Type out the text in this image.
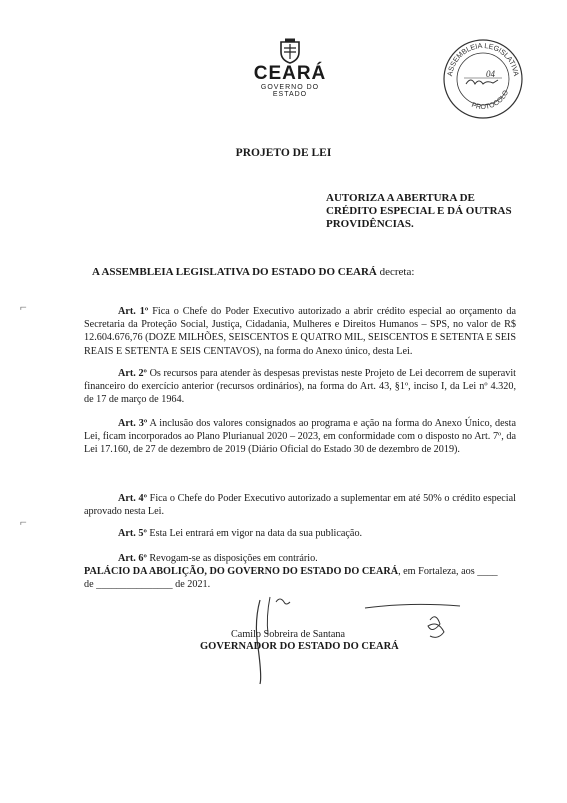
CEARÁ
GOVERNO DO ESTADO
ASSEMBLEIA LEGISLATIVA
PROTOCOLO
04
PROJETO DE LEI
AUTORIZA A ABERTURA DE
CRÉDITO ESPECIAL E DÁ OUTRAS
PROVIDÊNCIAS.
A ASSEMBLEIA LEGISLATIVA DO ESTADO DO CEARÁ decreta:
Art. 1º Fica o Chefe do Poder Executivo autorizado a abrir crédito especial ao orçamento da Secretaria da Proteção Social, Justiça, Cidadania, Mulheres e Direitos Humanos – SPS, no valor de R$ 12.604.676,76 (DOZE MILHÕES, SEISCENTOS E QUATRO MIL, SEISCENTOS E SETENTA E SEIS REAIS E SETENTA E SEIS CENTAVOS), na forma do Anexo único, desta Lei.
Art. 2º Os recursos para atender às despesas previstas neste Projeto de Lei decorrem de superavit financeiro do exercício anterior (recursos ordinários), na forma do Art. 43, §1º, inciso I, da Lei nº 4.320, de 17 de março de 1964.
Art. 3º A inclusão dos valores consignados ao programa e ação na forma do Anexo Único, desta Lei, ficam incorporados ao Plano Plurianual 2020 – 2023, em conformidade com o disposto no Art. 7º, da Lei 17.160, de 27 de dezembro de 2019 (Diário Oficial do Estado 30 de dezembro de 2019).
Art. 4º Fica o Chefe do Poder Executivo autorizado a suplementar em até 50% o crédito especial aprovado nesta Lei.
Art. 5º Esta Lei entrará em vigor na data da sua publicação.
Art. 6º Revogam-se as disposições em contrário.
PALÁCIO DA ABOLIÇÃO, DO GOVERNO DO ESTADO DO CEARÁ, em Fortaleza, aos ____
de _______________ de 2021.
Camilo Sobreira de Santana
GOVERNADOR DO ESTADO DO CEARÁ
⌐
⌐
